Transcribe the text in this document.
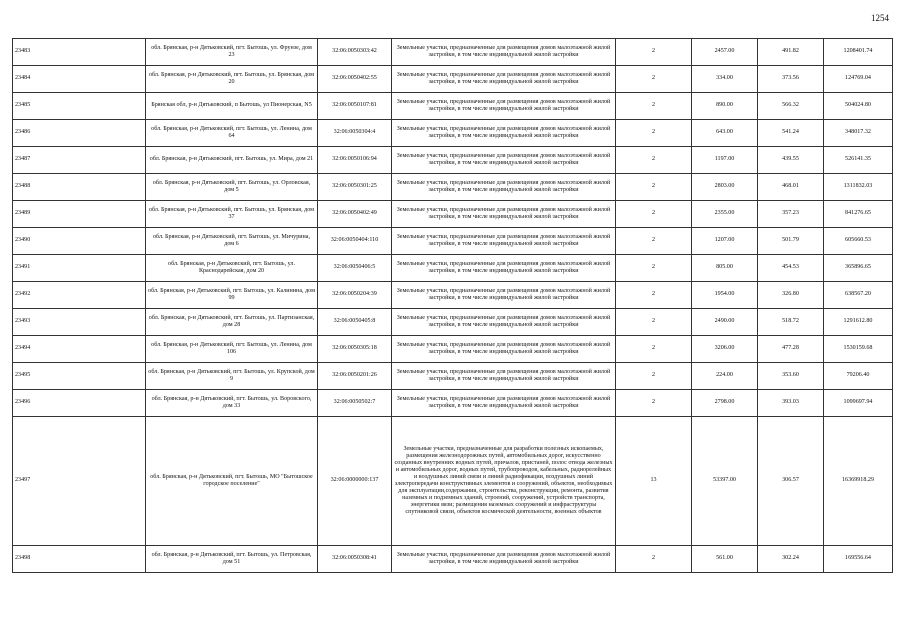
1254
23483	обл. Брянская, р-н Дятьковский, пгт. Бытошь, ул. Фрунзе, дом 23	32:06:0050303:42	Земельные участки, предназначенные для размещения домов малоэтажной жилой застройки, в том числе индивидуальной жилой застройки	2	2457.00	491.82	1208401.74
23484	обл. Брянская, р-н Дятьковский, пгт. Бытошь, ул. Брянская, дом 20	32:06:0050402:55	Земельные участки, предназначенные для размещения домов малоэтажной жилой застройки, в том числе индивидуальной жилой застройки	2	334.00	373.56	124769.04
23485	Брянская обл, р-н Дятьковский, п Бытошь, ул Пионерская, N5	32:06:0050107:81	Земельные участки, предназначенные для размещения домов малоэтажной жилой застройки, в том числе индивидуальной жилой застройки	2	890.00	566.32	504024.80
23486	обл. Брянская, р-н Дятьковский, пгт. Бытошь, ул. Ленина, дом 64	32:06:0050304:4	Земельные участки, предназначенные для размещения домов малоэтажной жилой застройки, в том числе индивидуальной жилой застройки	2	643.00	541.24	348017.32
23487	обл. Брянская, р-н Дятьковский, пгт. Бытошь, ул. Мира, дом 21	32:06:0050106:94	Земельные участки, предназначенные для размещения домов малоэтажной жилой застройки, в том числе индивидуальной жилой застройки	2	1197.00	439.55	526141.35
23488	обл. Брянская, р-н Дятьковский, пгт. Бытошь, ул. Орловская, дом 5	32:06:0050301:25	Земельные участки, предназначенные для размещения домов малоэтажной жилой застройки, в том числе индивидуальной жилой застройки	2	2803.00	468.01	1311832.03
23489	обл. Брянская, р-н Дятьковский, пгт. Бытошь, ул. Брянская, дом 37	32:06:0050402:49	Земельные участки, предназначенные для размещения домов малоэтажной жилой застройки, в том числе индивидуальной жилой застройки	2	2355.00	357.23	841276.65
23490	обл. Брянская, р-н Дятьковский, пгт. Бытошь, ул. Мичурина, дом 6	32:06:0050404:110	Земельные участки, предназначенные для размещения домов малоэтажной жилой застройки, в том числе индивидуальной жилой застройки	2	1207.00	501.79	605660.53
23491	обл. Брянская, р-н Дятьковский, пгт. Бытошь, ул. Краснодарейская, дом 20	32:06:0050406:5	Земельные участки, предназначенные для размещения домов малоэтажной жилой застройки, в том числе индивидуальной жилой застройки	2	805.00	454.53	365896.65
23492	обл. Брянская, р-н Дятьковский, пгт. Бытошь, ул. Калинина, дом 99	32:06:0050204:39	Земельные участки, предназначенные для размещения домов малоэтажной жилой застройки, в том числе индивидуальной жилой застройки	2	1954.00	326.80	638567.20
23493	обл. Брянская, р-н Дятьковский, пгт. Бытошь, ул. Партизанская, дом 28	32:06:0050405:8	Земельные участки, предназначенные для размещения домов малоэтажной жилой застройки, в том числе индивидуальной жилой застройки	2	2490.00	518.72	1291612.80
23494	обл. Брянская, р-н Дятьковский, пгт. Бытошь, ул. Ленина, дом 106	32:06:0050305:18	Земельные участки, предназначенные для размещения домов малоэтажной жилой застройки, в том числе индивидуальной жилой застройки	2	3206.00	477.28	1530159.68
23495	обл. Брянская, р-н Дятьковский, пгт. Бытошь, ул. Крупской, дом 9	32:06:0050201:26	Земельные участки, предназначенные для размещения домов малоэтажной жилой застройки, в том числе индивидуальной жилой застройки	2	224.00	353.60	79206.40
23496	обл. Брянская, р-н Дятьковский, пгт. Бытошь, ул. Воровского, дом 33	32:06:0050502:7	Земельные участки, предназначенные для размещения домов малоэтажной жилой застройки, в том числе индивидуальной жилой застройки	2	2798.00	393.03	1099697.94
23497	обл. Брянская, р-н Дятьковский, пгт. Бытошь, МО "Бытошское городское поселение"	32:06:0000000:137	Земельные участки, предназначенные для разработки полезных ископаемых, размещения железнодорожных путей, автомобильных дорог, искусственно созданных внутренних водных путей, причалов, пристаней, полос отвода железных и автомобильных дорог, водных путей, трубопроводов, кабельных, радиорелейных и воздушных линий связи и линий радиофикации, воздушных линий электропередачи конструктивных элементов и сооружений, объектов, необходимых для эксплуатации,содержания, строительства, реконструкции, ремонта, развития наземных и подземных зданий, строений, сооружений, устройств транспорта, энергетики вязи; размещения наземных сооружений и инфраструктуры спутниковой связи, объектов космической деятельности, военных объектов	13	53397.00	306.57	16369918.29
23498	обл. Брянская, р-н Дятьковский, пгт. Бытошь, ул. Петровская, дом 51	32:06:0050308:41	Земельные участки, предназначенные для размещения домов малоэтажной жилой застройки, в том числе индивидуальной жилой застройки	2	561.00	302.24	169556.64
